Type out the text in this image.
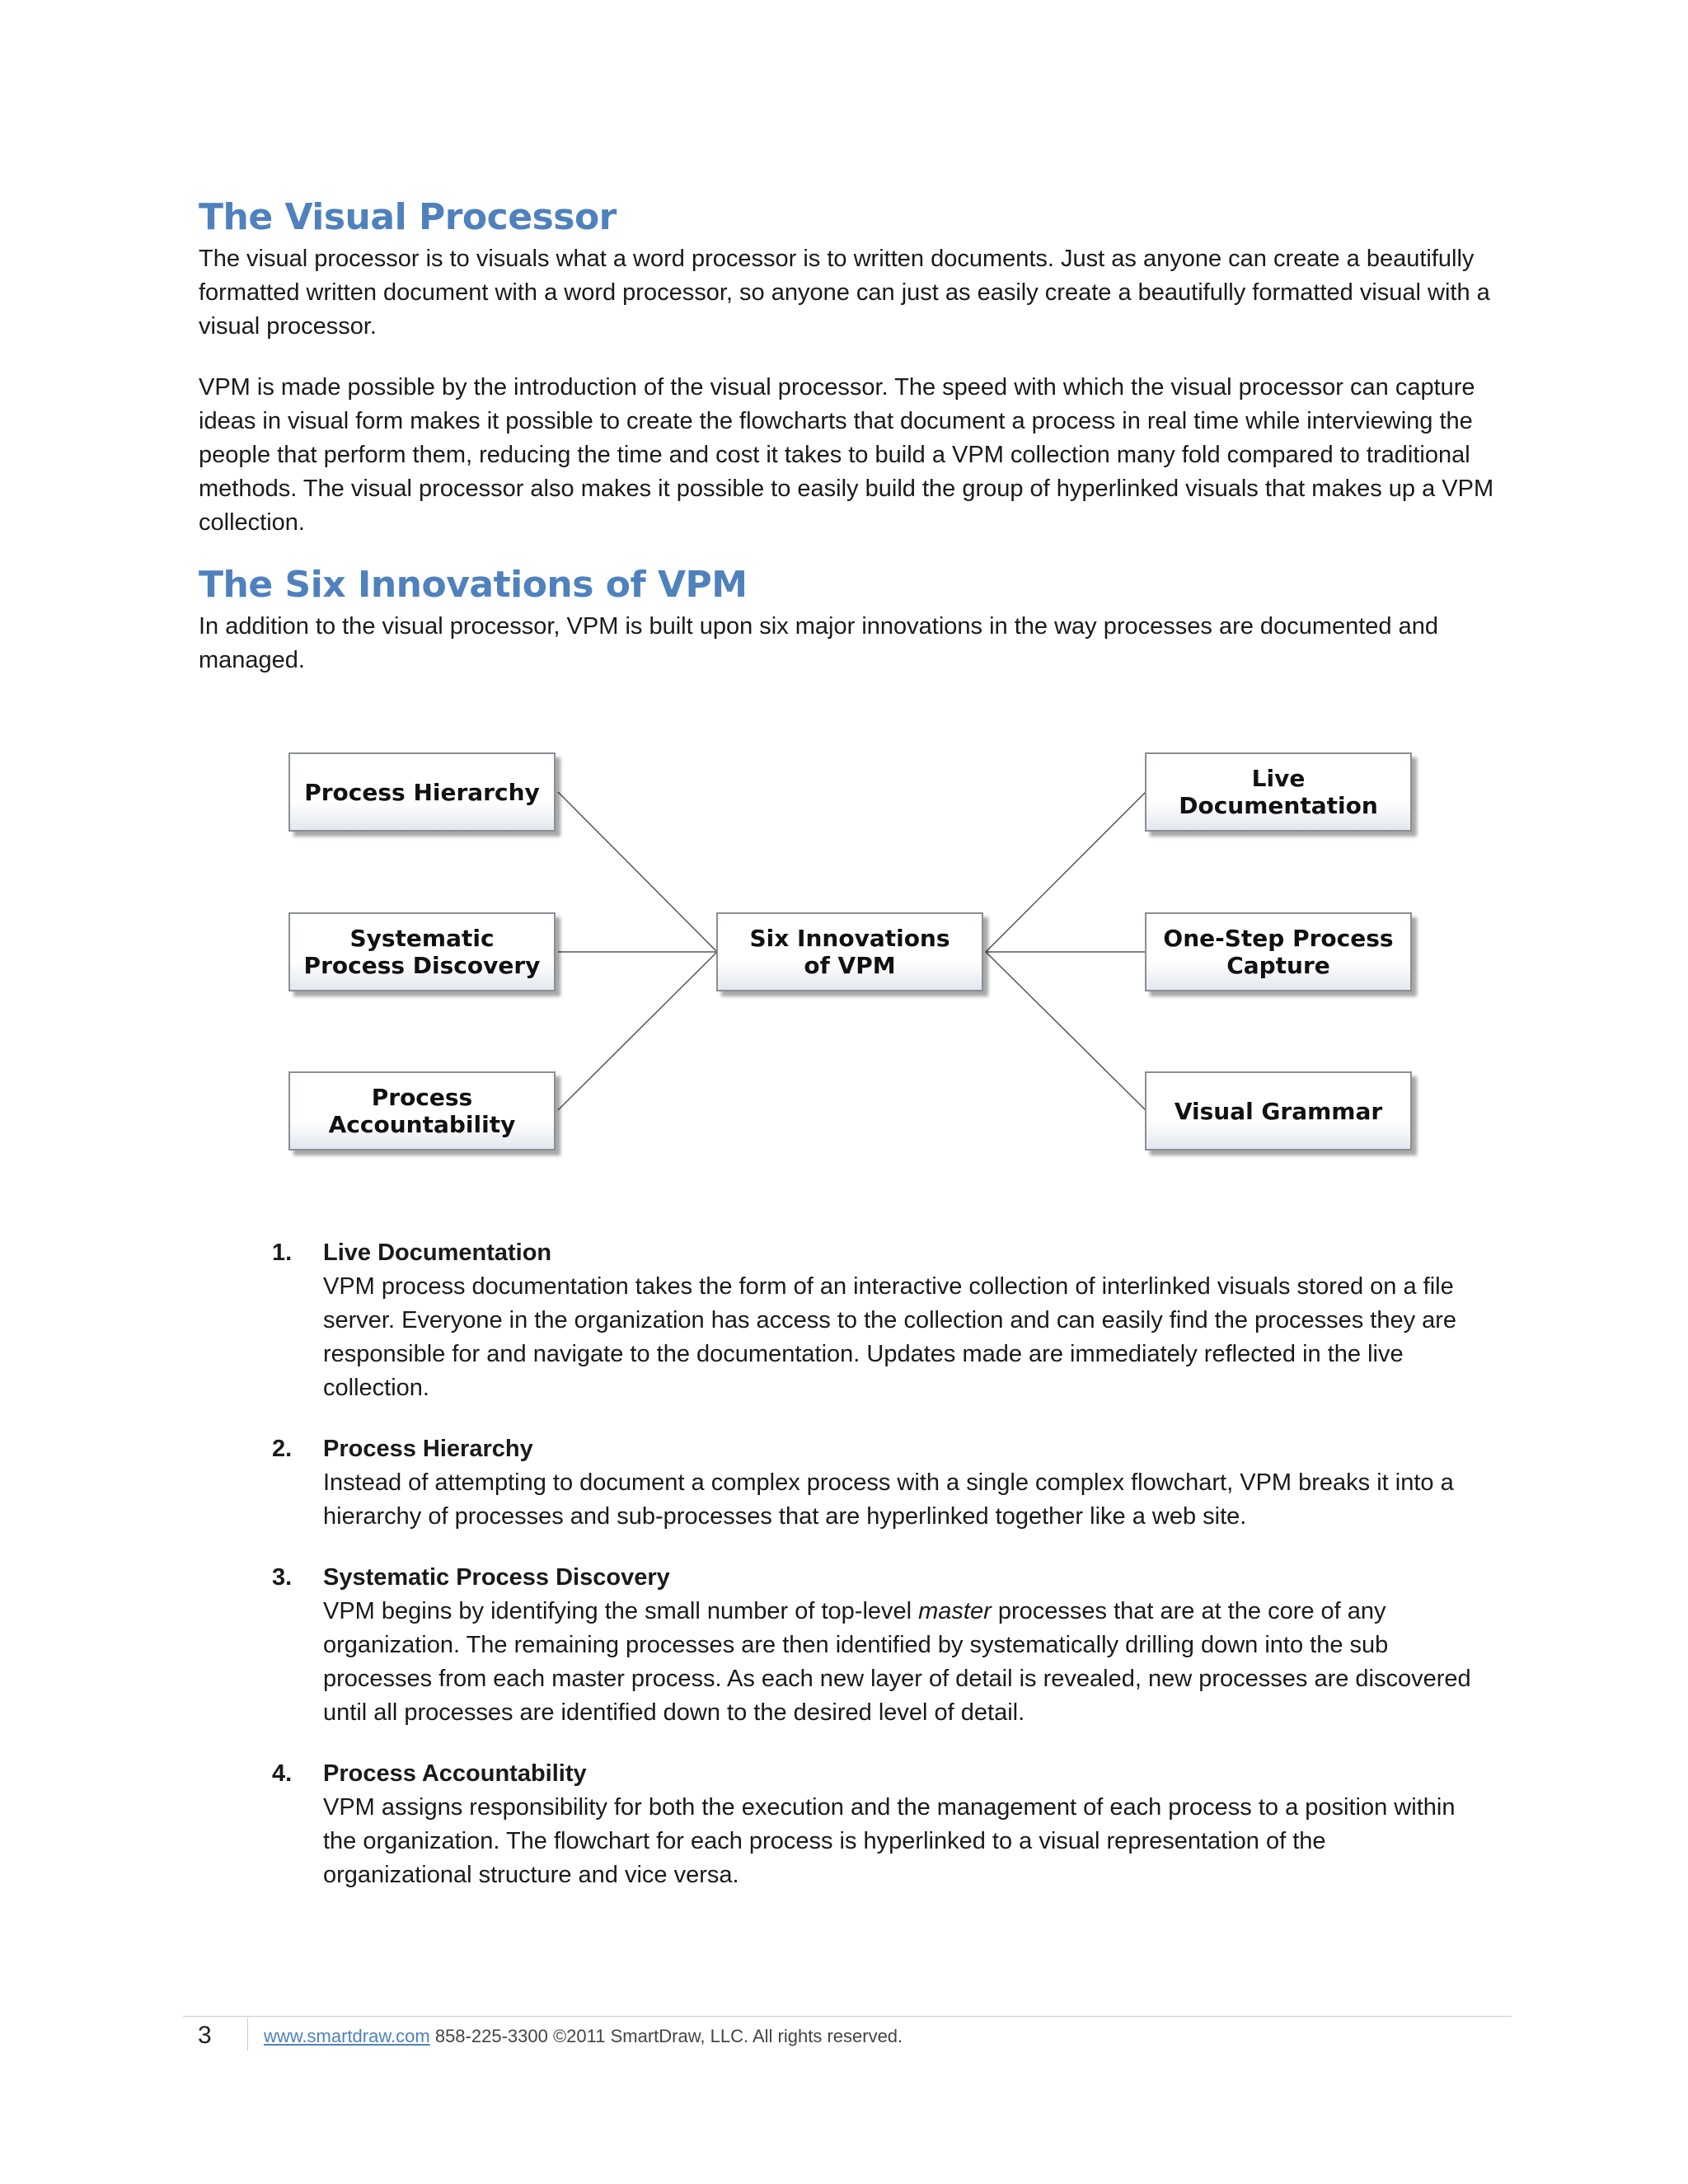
The Visual Processor

The visual processor is to visuals what a word processor is to written documents. Just as anyone can create a beautifully formatted written document with a word processor, so anyone can just as easily create a beautifully formatted visual with a visual processor.

VPM is made possible by the introduction of the visual processor. The speed with which the visual processor can capture ideas in visual form makes it possible to create the flowcharts that document a process in real time while interviewing the people that perform them, reducing the time and cost it takes to build a VPM collection many fold compared to traditional methods. The visual processor also makes it possible to easily build the group of hyperlinked visuals that makes up a VPM collection.

The Six Innovations of VPM

In addition to the visual processor, VPM is built upon six major innovations in the way processes are documented and managed.

Process Hierarchy
Systematic
Process Discovery
Process
Accountability
Six Innovations
of VPM
Live Documentation
One-Step Process
Capture
Visual Grammar
1. Live Documentation
VPM process documentation takes the form of an interactive collection of interlinked visuals stored on a file server. Everyone in the organization has access to the collection and can easily find the processes they are responsible for and navigate to the documentation. Updates made are immediately reflected in the live collection.
2. Process Hierarchy
Instead of attempting to document a complex process with a single complex flowchart, VPM breaks it into a hierarchy of processes and sub-processes that are hyperlinked together like a web site.
3. Systematic Process Discovery
VPM begins by identifying the small number of top-level master processes that are at the core of any organization. The remaining processes are then identified by systematically drilling down into the sub processes from each master process. As each new layer of detail is revealed, new processes are discovered until all processes are identified down to the desired level of detail.
4. Process Accountability
VPM assigns responsibility for both the execution and the management of each process to a position within the organization. The flowchart for each process is hyperlinked to a visual representation of the organizational structure and vice versa.
3	www.smartdraw.com 858-225-3300 ©2011 SmartDraw, LLC. All rights reserved.
